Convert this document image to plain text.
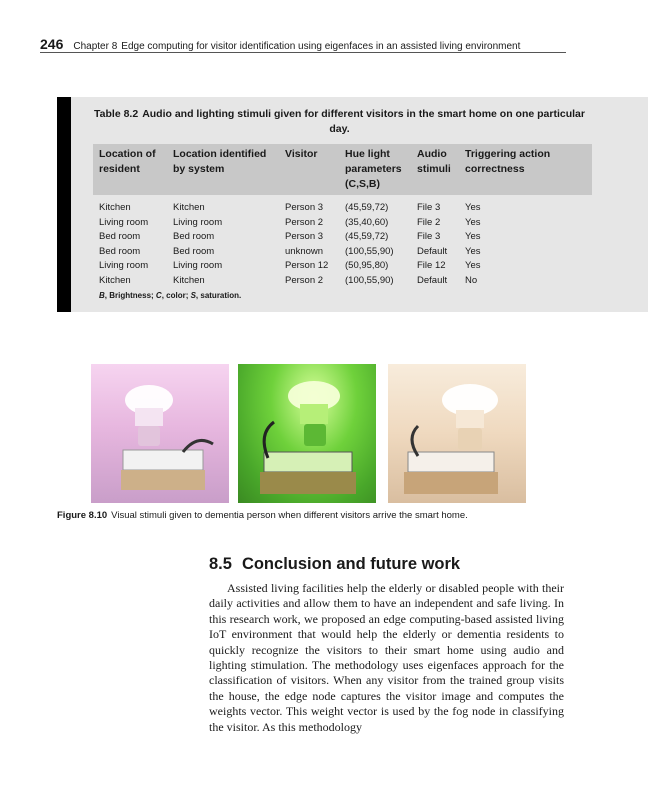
246 Chapter 8 Edge computing for visitor identification using eigenfaces in an assisted living environment
Table 8.2 Audio and lighting stimuli given for different visitors in the smart home on one particular day.
Location of resident	Location identified by system	Visitor	Hue light parameters (C,S,B)	Audio stimuli	Triggering action correctness
Kitchen	Kitchen	Person 3	(45,59,72)	File 3	Yes
Living room	Living room	Person 2	(35,40,60)	File 2	Yes
Bed room	Bed room	Person 3	(45,59,72)	File 3	Yes
Bed room	Bed room	unknown	(100,55,90)	Default	Yes
Living room	Living room	Person 12	(50,95,80)	File 12	Yes
Kitchen	Kitchen	Person 2	(100,55,90)	Default	No
B, Brightness; C, color; S, saturation.
Figure 8.10 Visual stimuli given to dementia person when different visitors arrive the smart home.
8.5 Conclusion and future work

Assisted living facilities help the elderly or disabled people with their daily activities and allow them to have an independent and safe living. In this research work, we proposed an edge computing-based assisted living IoT environment that would help the elderly or dementia residents to quickly recognize the visitors to their smart home using audio and lighting stimulation. The methodology uses eigenfaces approach for the classification of visitors. When any visitor from the trained group visits the house, the edge node captures the visitor image and computes the weights vector. This weight vector is used by the fog node in classifying the visitor. As this methodology
